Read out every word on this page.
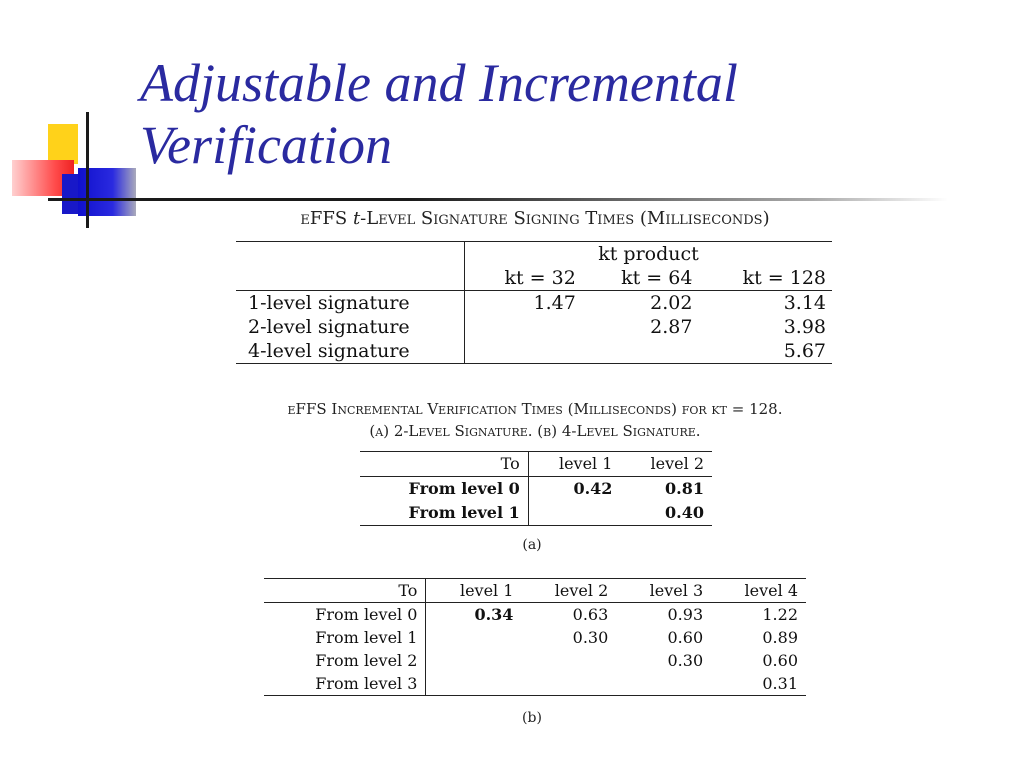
Adjustable and Incremental
Verification
eFFS t-Level Signature Signing Times (Milliseconds)
	kt product		
	kt = 32	kt = 64	kt = 128
1-level signature	1.47	2.02	3.14
2-level signature		2.87	3.98
4-level signature			5.67
eFFS Incremental Verification Times (Milliseconds) for kt = 128.
(a) 2-Level Signature. (b) 4-Level Signature.
To	level 1	level 2
From level 0	0.42	0.81
From level 1		0.40
(a)
To	level 1	level 2	level 3	level 4
From level 0	0.34	0.63	0.93	1.22
From level 1		0.30	0.60	0.89
From level 2			0.30	0.60
From level 3				0.31
(b)
